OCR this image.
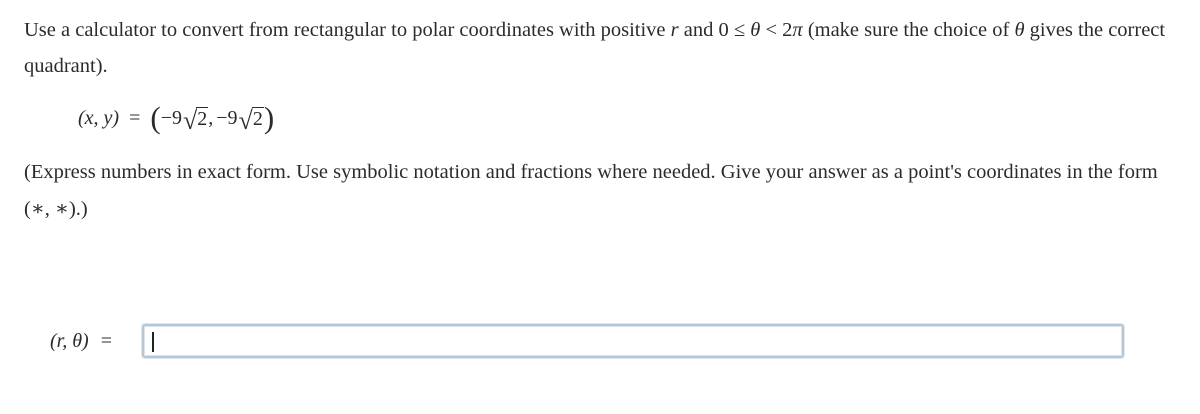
Use a calculator to convert from rectangular to polar coordinates with positive r and 0 ≤ θ < 2π (make sure the choice of θ gives the correct quadrant).
(x, y) = ( −9 √ 2 , −9 √ 2 )
(Express numbers in exact form. Use symbolic notation and fractions where needed. Give your answer as a point's coordinates in the form (∗, ∗).)
(r, θ) =
